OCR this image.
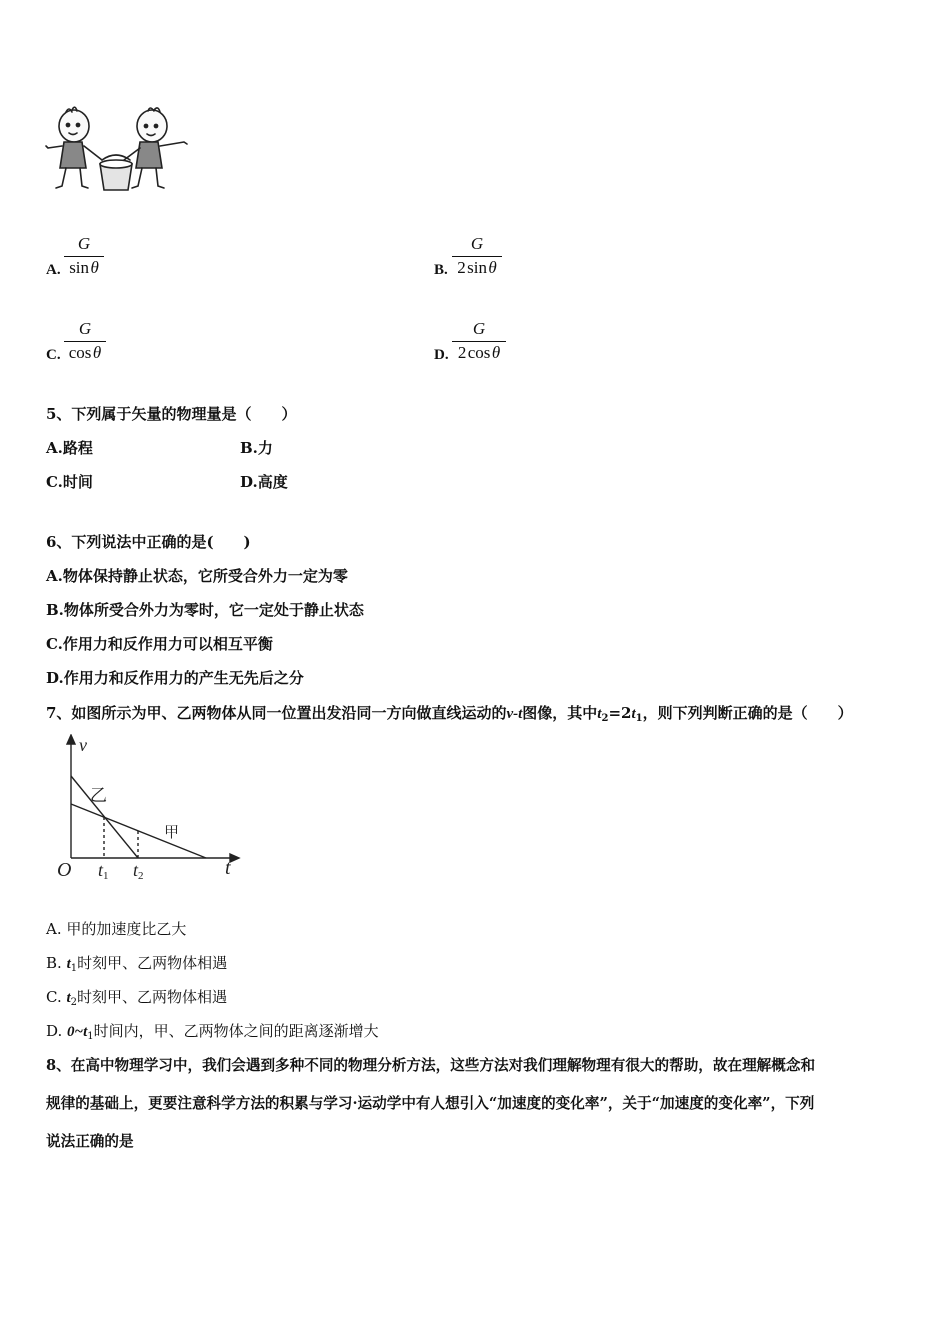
A. $\frac{G}{\text{sin θ}}$	B. $\frac{G}{\text{2 sin θ}}$
C. $\frac{G}{\text{cos θ}}$	D. $\frac{G}{\text{2 cos θ}}$
5、下列属于矢量的物理量是（　　）
A.路程	B.力
C.时间	D.高度
6、下列说法中正确的是(　　)
A.物体保持静止状态，它所受合外力一定为零
B.物体所受合外力为零时，它一定处于静止状态
C.作用力和反作用力可以相互平衡
D.作用力和反作用力的产生无先后之分
7、如图所示为甲、乙两物体从同一位置出发沿同一方向做直线运动的v-t图像，其中$t_2=2t_1$，则下列判断正确的是（　　）
v
t
O
乙
甲
t1 t2
A. 甲的加速度比乙大
B. $t_1$时刻甲、乙两物体相遇
C. $t_2$时刻甲、乙两物体相遇
D. $0\sim t_1$时间内，甲、乙两物体之间的距离逐渐增大
8、在高中物理学习中，我们会遇到多种不同的物理分析方法，这些方法对我们理解物理有很大的帮助，故在理解概念和
规律的基础上，更要注意科学方法的积累与学习·运动学中有人想引入“加速度的变化率”，关于“加速度的变化率”，下列
说法正确的是
